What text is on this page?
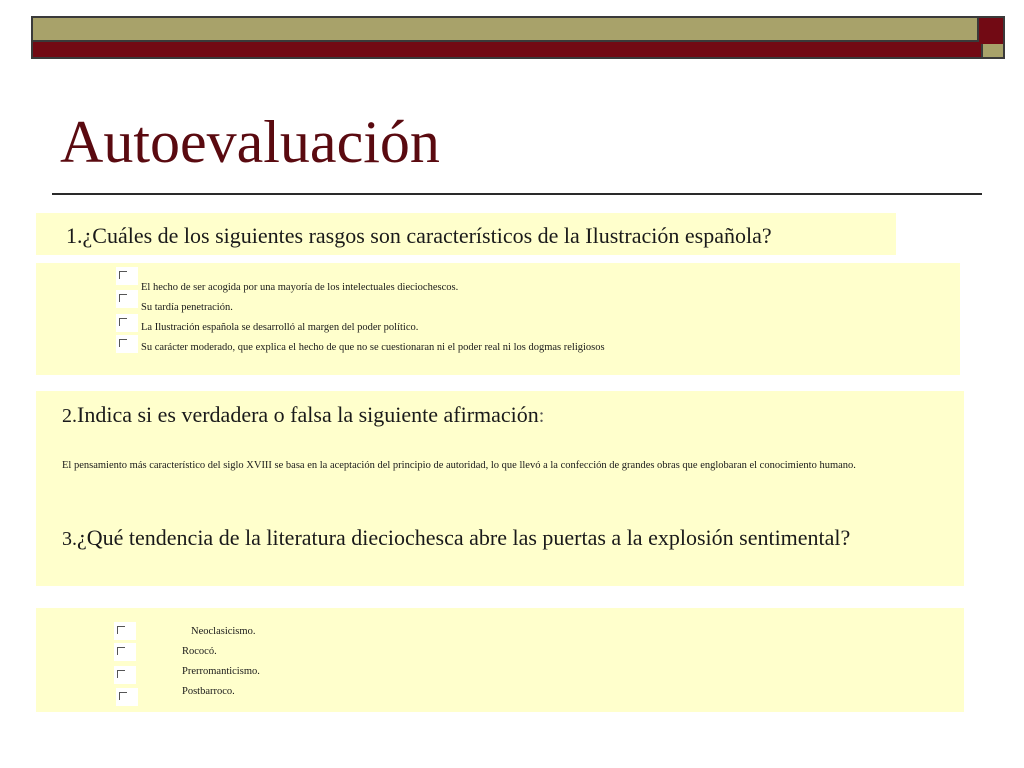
Autoevaluación
1.¿Cuáles de los siguientes rasgos son característicos de la Ilustración española?
El hecho de ser acogida por una mayoría de los intelectuales dieciochescos.
Su tardía penetración.
La Ilustración española se desarrolló al margen del poder político.
Su carácter moderado, que explica el hecho de que no se cuestionaran ni el poder real ni los dogmas religiosos
2.Indica si es verdadera o falsa la siguiente afirmación:
El pensamiento más característico del siglo XVIII se basa en la aceptación del principio de autoridad, lo que llevó a la confección de grandes obras que englobaran el conocimiento humano.
3.¿Qué tendencia de la literatura dieciochesca abre las puertas a la explosión sentimental?
Neoclasicismo.
Rococó.
Prerromanticismo.
Postbarroco.
